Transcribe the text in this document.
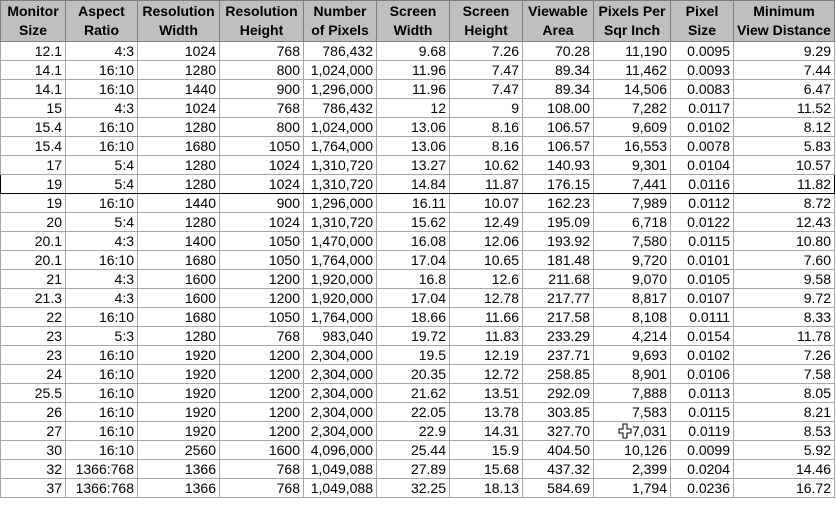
Monitor Size	Aspect Ratio	Resolution Width	Resolution Height	Number of Pixels	Screen Width	Screen Height	Viewable Area	Pixels Per Sqr Inch	Pixel Size	Minimum View Distance
12.1	4:3	1024	768	786,432	9.68	7.26	70.28	11,190	0.0095	9.29
14.1	16:10	1280	800	1,024,000	11.96	7.47	89.34	11,462	0.0093	7.44
14.1	16:10	1440	900	1,296,000	11.96	7.47	89.34	14,506	0.0083	6.47
15	4:3	1024	768	786,432	12	9	108.00	7,282	0.0117	11.52
15.4	16:10	1280	800	1,024,000	13.06	8.16	106.57	9,609	0.0102	8.12
15.4	16:10	1680	1050	1,764,000	13.06	8.16	106.57	16,553	0.0078	5.83
17	5:4	1280	1024	1,310,720	13.27	10.62	140.93	9,301	0.0104	10.57
19	5:4	1280	1024	1,310,720	14.84	11.87	176.15	7,441	0.0116	11.82
19	16:10	1440	900	1,296,000	16.11	10.07	162.23	7,989	0.0112	8.72
20	5:4	1280	1024	1,310,720	15.62	12.49	195.09	6,718	0.0122	12.43
20.1	4:3	1400	1050	1,470,000	16.08	12.06	193.92	7,580	0.0115	10.80
20.1	16:10	1680	1050	1,764,000	17.04	10.65	181.48	9,720	0.0101	7.60
21	4:3	1600	1200	1,920,000	16.8	12.6	211.68	9,070	0.0105	9.58
21.3	4:3	1600	1200	1,920,000	17.04	12.78	217.77	8,817	0.0107	9.72
22	16:10	1680	1050	1,764,000	18.66	11.66	217.58	8,108	0.0111	8.33
23	5:3	1280	768	983,040	19.72	11.83	233.29	4,214	0.0154	11.78
23	16:10	1920	1200	2,304,000	19.5	12.19	237.71	9,693	0.0102	7.26
24	16:10	1920	1200	2,304,000	20.35	12.72	258.85	8,901	0.0106	7.58
25.5	16:10	1920	1200	2,304,000	21.62	13.51	292.09	7,888	0.0113	8.05
26	16:10	1920	1200	2,304,000	22.05	13.78	303.85	7,583	0.0115	8.21
27	16:10	1920	1200	2,304,000	22.9	14.31	327.70	7,031	0.0119	8.53
30	16:10	2560	1600	4,096,000	25.44	15.9	404.50	10,126	0.0099	5.92
32	1366:768	1366	768	1,049,088	27.89	15.68	437.32	2,399	0.0204	14.46
37	1366:768	1366	768	1,049,088	32.25	18.13	584.69	1,794	0.0236	16.72
